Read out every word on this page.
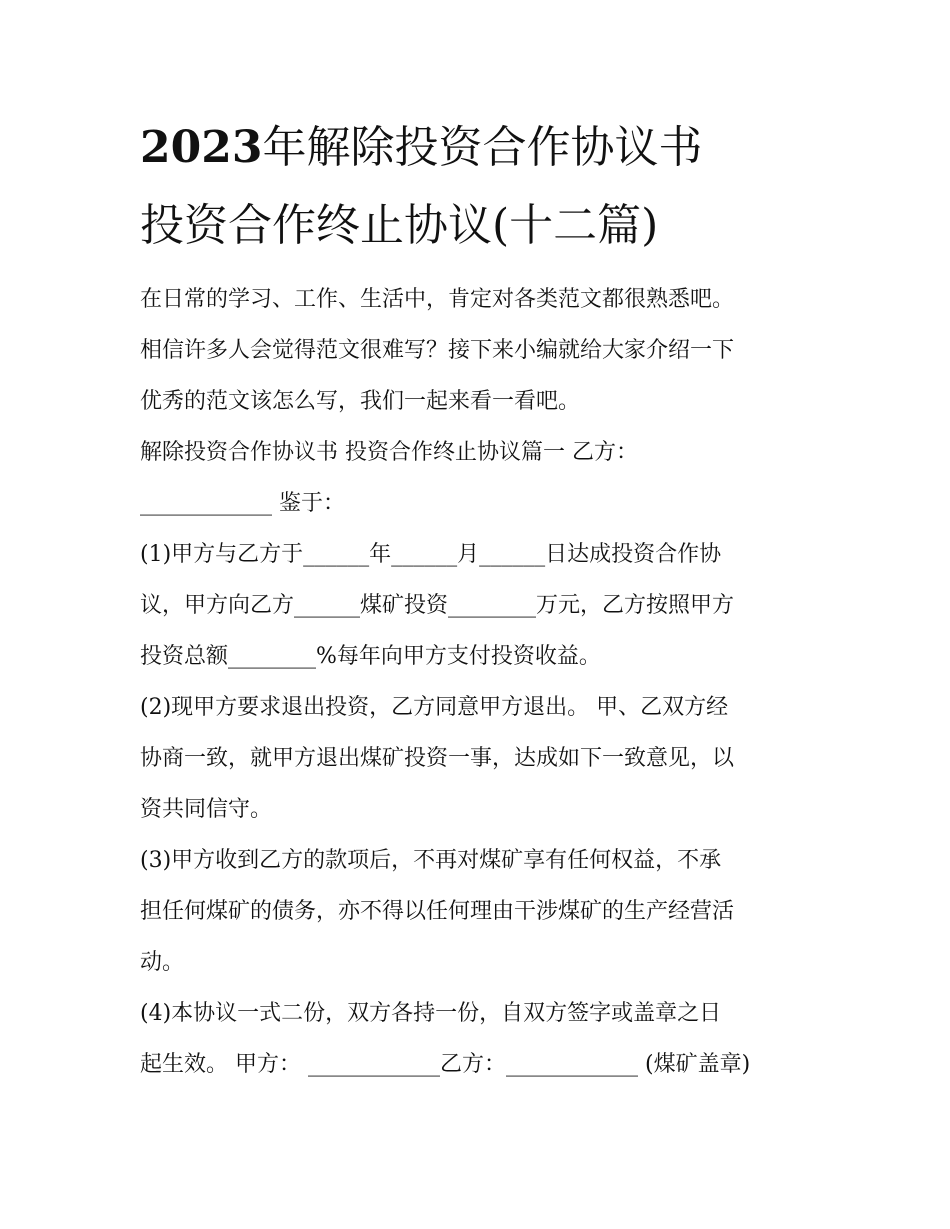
2023年解除投资合作协议书
投资合作终止协议(十二篇)

在日常的学习、工作、生活中，肯定对各类范文都很熟悉吧。

相信许多人会觉得范文很难写？接下来小编就给大家介绍一下

优秀的范文该怎么写，我们一起来看一看吧。

解除投资合作协议书 投资合作终止协议篇一 乙方：

____________ 鉴于：

(1)甲方与乙方于______年______月______日达成投资合作协

议，甲方向乙方______煤矿投资________万元，乙方按照甲方

投资总额________%每年向甲方支付投资收益。

(2)现甲方要求退出投资，乙方同意甲方退出。 甲、乙双方经

协商一致，就甲方退出煤矿投资一事，达成如下一致意见，以

资共同信守。

(3)甲方收到乙方的款项后，不再对煤矿享有任何权益，不承

担任何煤矿的债务，亦不得以任何理由干涉煤矿的生产经营活

动。

(4)本协议一式二份，双方各持一份，自双方签字或盖章之日

起生效。 甲方： ____________乙方：____________ (煤矿盖章)
